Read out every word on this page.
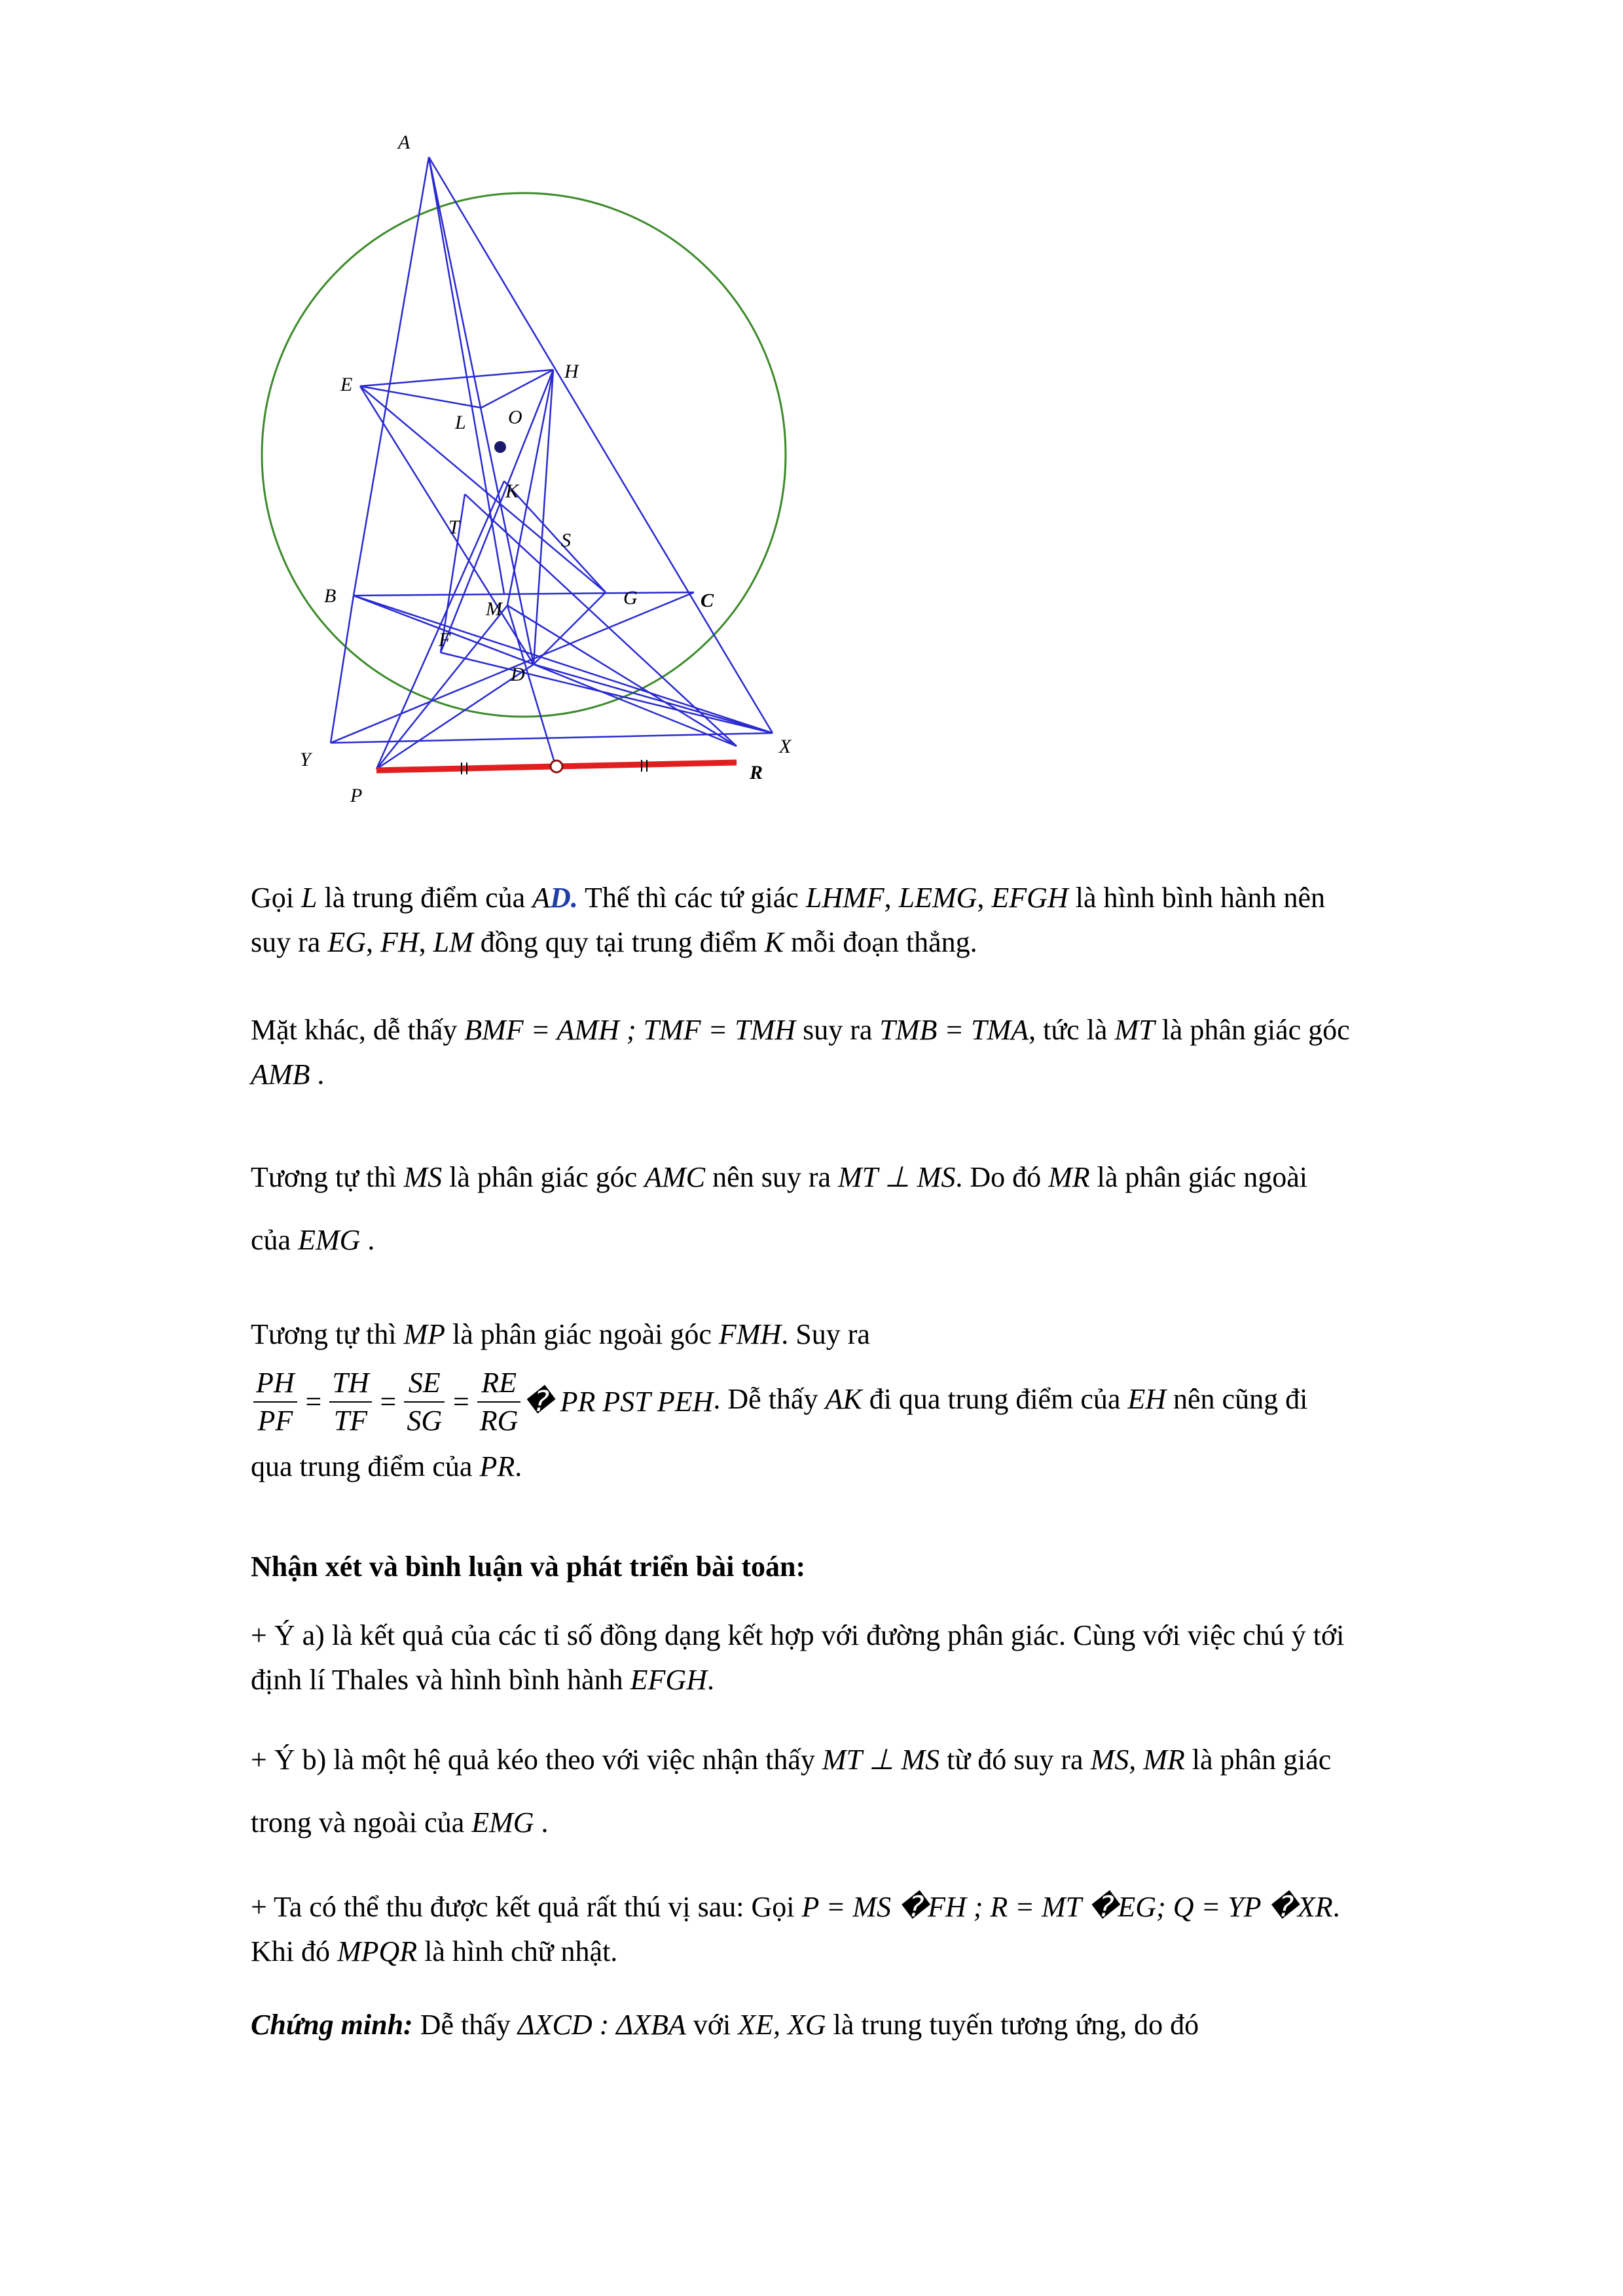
A
E
H
L O
K
T
S
B
M
G	C
F
D
Y
X
P
R

Gọi L là trung điểm của AD. Thế thì các tứ giác LHMF, LEMG, EFGH là hình bình hành nên

suy ra EG, FH, LM đồng quy tại trung điểm K mỗi đoạn thẳng.

Mặt khác, dễ thấy BMF = AMH ; TMF = TMH suy ra TMB = TMA, tức là MT là phân giác góc

AMB .

Tương tự thì MS là phân giác góc AMC nên suy ra MT ⊥ MS. Do đó MR là phân giác ngoài

của EMG .

Tương tự thì MP là phân giác ngoài góc FMH. Suy ra

$\frac{PH}{PF} = \frac{TH}{TF} = \frac{SE}{SG} = \frac{RE}{RG}$ � PR PST PEH. Dễ thấy AK đi qua trung điểm của EH nên cũng đi

qua trung điểm của PR.

Nhận xét và bình luận và phát triển bài toán:

+ Ý a) là kết quả của các tỉ số đồng dạng kết hợp với đường phân giác. Cùng với việc chú ý tới

định lí Thales và hình bình hành EFGH.

+ Ý b) là một hệ quả kéo theo với việc nhận thấy MT ⊥ MS từ đó suy ra MS, MR là phân giác

trong và ngoài của EMG .

+ Ta có thể thu được kết quả rất thú vị sau: Gọi P = MS �FH ; R = MT �EG; Q = YP �XR.

Khi đó MPQR là hình chữ nhật.

Chứng minh: Dễ thấy ΔXCD : ΔXBA với XE, XG là trung tuyến tương ứng, do đó
